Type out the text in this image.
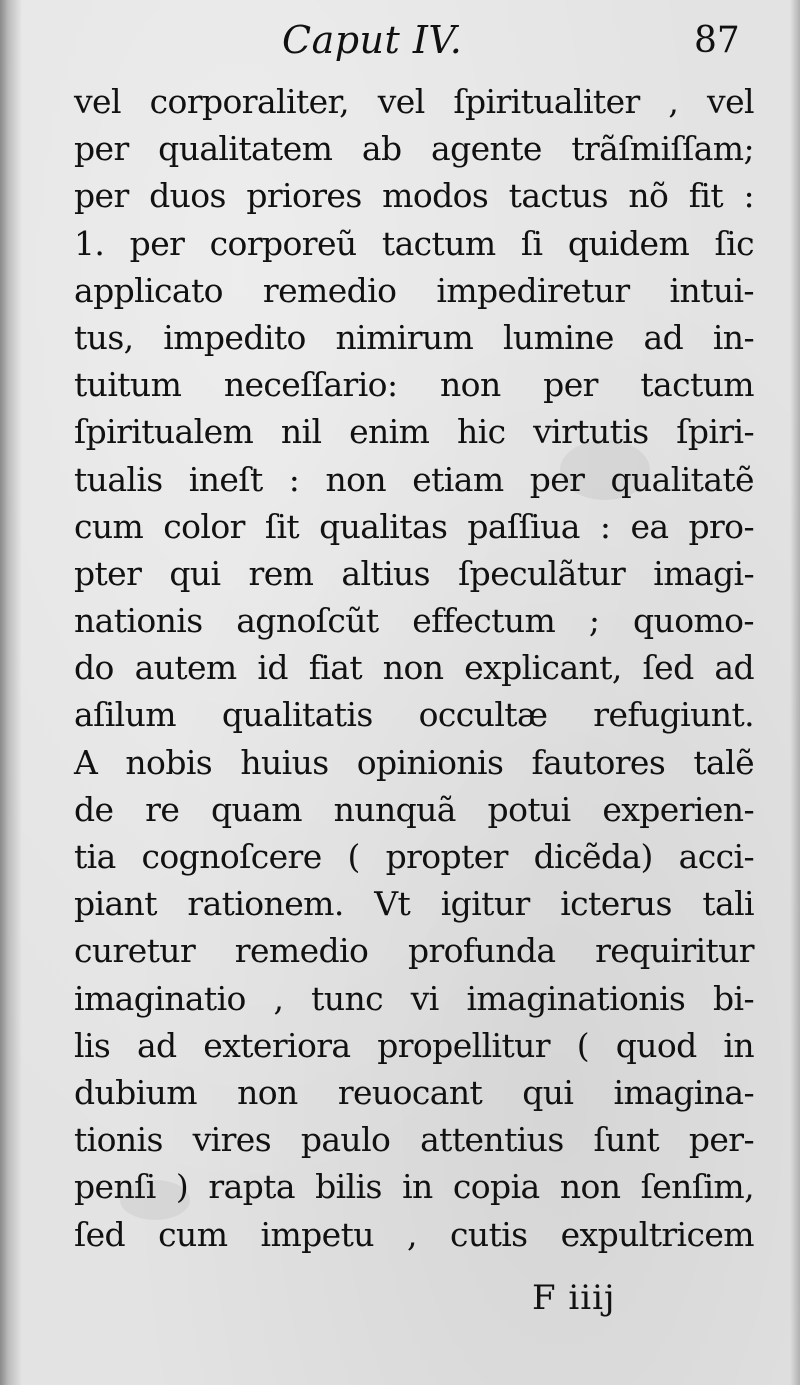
Caput IV.	87
vel corporaliter, vel ſpiritualiter , vel
per qualitatem ab agente trãſmiſſam;
per duos priores modos tactus nõ fit :
1. per corporeũ tactum ſi quidem ſic
applicato remedio impediretur intui-
tus, impedito nimirum lumine ad in-
tuitum neceſſario: non per tactum
ſpiritualem nil enim hic virtutis ſpiri-
tualis ineſt : non etiam per qualitatẽ
cum color ſit qualitas paſſiua : ea pro-
pter qui rem altius ſpeculãtur imagi-
nationis agnoſcũt effectum ; quomo-
do autem id fiat non explicant, ſed ad
aſilum qualitatis occultæ refugiunt.
A nobis huius opinionis fautores talẽ
de re quam nunquã potui experien-
tia cognoſcere ( propter dicẽda) acci-
piant rationem. Vt igitur icterus tali
curetur remedio profunda requiritur
imaginatio , tunc vi imaginationis bi-
lis ad exteriora propellitur ( quod in
dubium non reuocant qui imagina-
tionis vires paulo attentius ſunt per-
penſi ) rapta bilis in copia non ſenſim,
ſed cum impetu , cutis expultricem
F iiij
